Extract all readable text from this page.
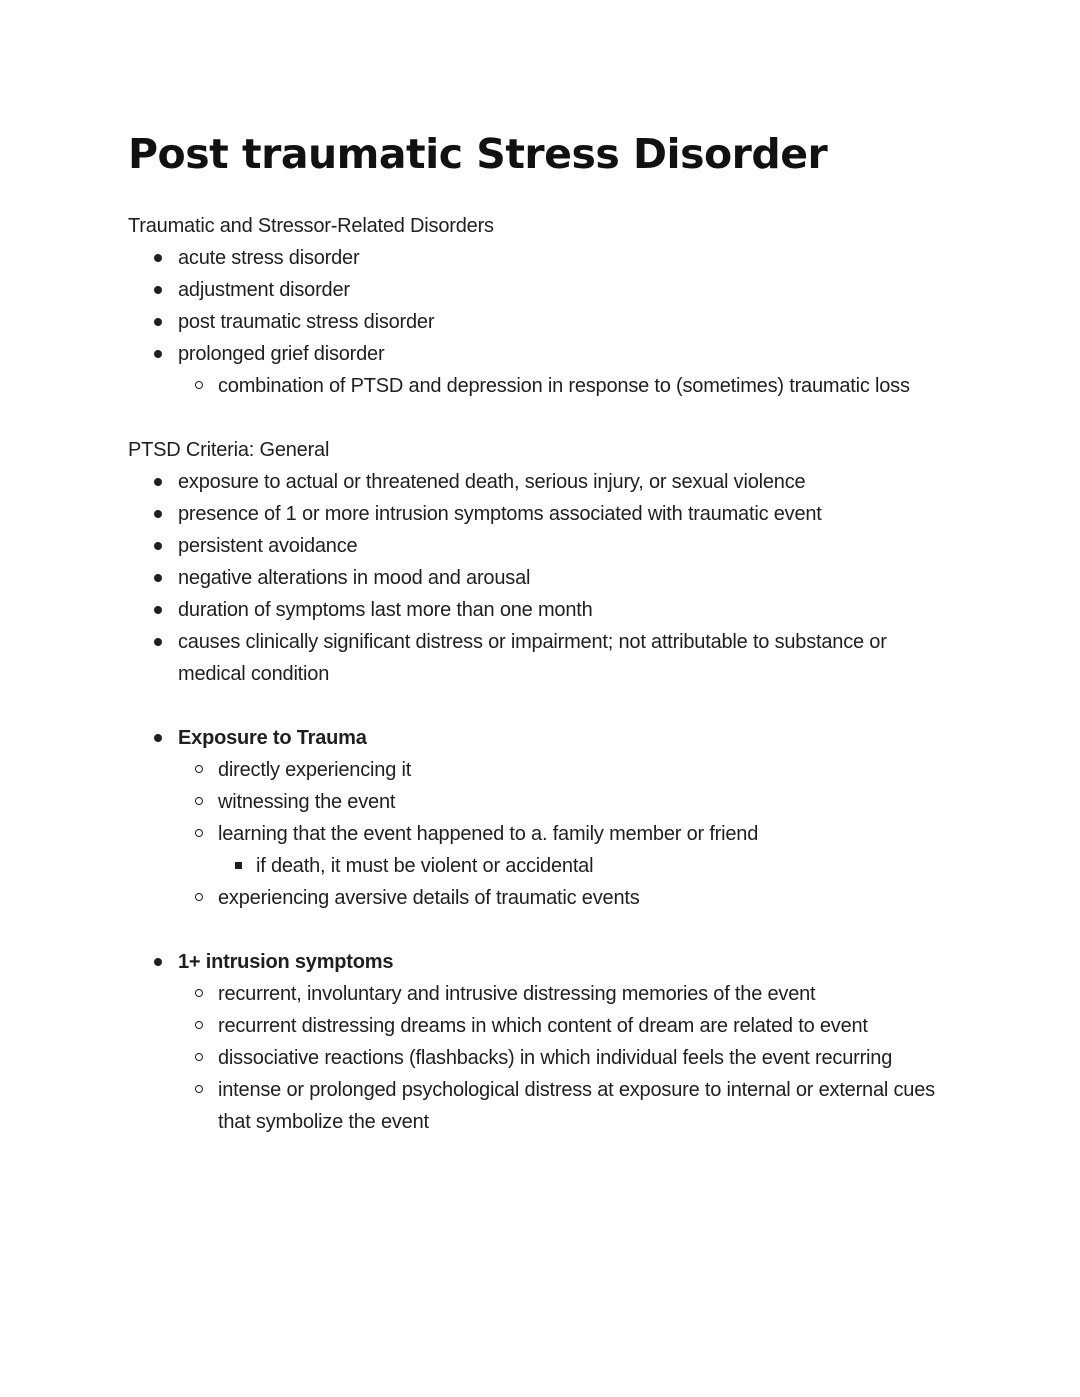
Post traumatic Stress Disorder

Traumatic and Stressor-Related Disorders

acute stress disorder
adjustment disorder
post traumatic stress disorder
prolonged grief disorder
combination of PTSD and depression in response to (sometimes) traumatic loss

PTSD Criteria: General

exposure to actual or threatened death, serious injury, or sexual violence
presence of 1 or more intrusion symptoms associated with traumatic event
persistent avoidance
negative alterations in mood and arousal
duration of symptoms last more than one month
causes clinically significant distress or impairment; not attributable to substance or medical condition
Exposure to Trauma
directly experiencing it
witnessing the event
learning that the event happened to a. family member or friend
if death, it must be violent or accidental
experiencing aversive details of traumatic events
1+ intrusion symptoms
recurrent, involuntary and intrusive distressing memories of the event
recurrent distressing dreams in which content of dream are related to event
dissociative reactions (flashbacks) in which individual feels the event recurring
intense or prolonged psychological distress at exposure to internal or external cues that symbolize the event
